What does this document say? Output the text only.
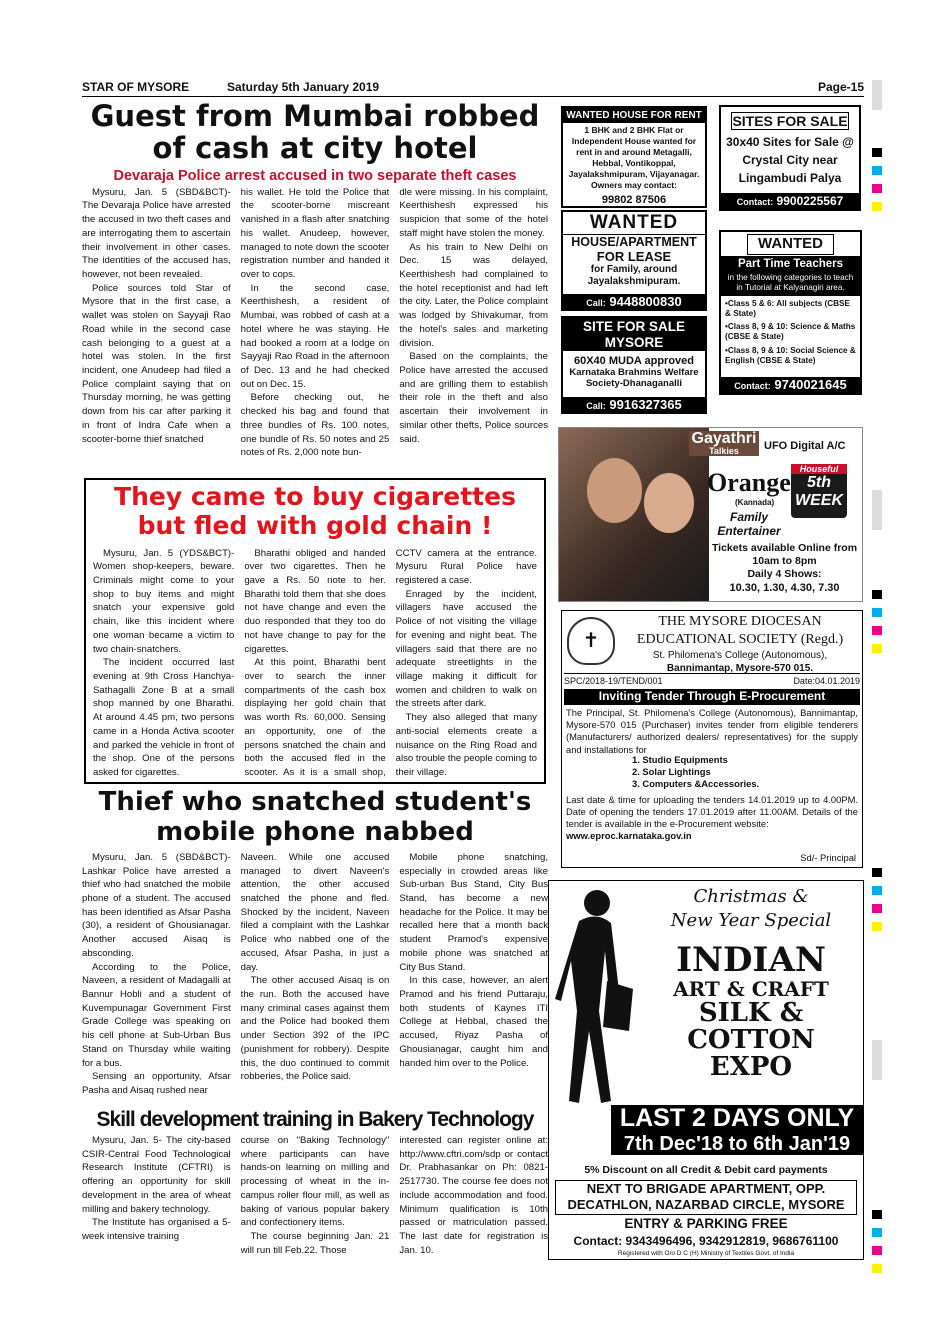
STAR OF MYSORE	Saturday 5th January 2019	Page-15
Guest from Mumbai robbed
of cash at city hotel
Devaraja Police arrest accused in two separate theft cases

Mysuru, Jan. 5 (SBD&BCT)- The Devaraja Police have arrested the accused in two theft cases and are interrogating them to ascertain their involvement in other cases. The identities of the accused has, however, not been revealed.

Police sources told Star of Mysore that in the first case, a wallet was stolen on Sayyaji Rao Road while in the second case cash belonging to a guest at a hotel was stolen. In the first incident, one Anudeep had filed a Police complaint saying that on Thursday morning, he was getting down from his car after parking it in front of Indra Cafe when a scooter-borne thief snatched

his wallet. He told the Police that the scooter-borne miscreant vanished in a flash after snatching his wallet. Anudeep, however, managed to note down the scooter registration number and handed it over to cops.

In the second case, Keerthishesh, a resident of Mumbai, was robbed of cash at a hotel where he was staying. He had booked a room at a lodge on Sayyaji Rao Road in the afternoon of Dec. 13 and he had checked out on Dec. 15.

Before checking out, he checked his bag and found that three bundles of Rs. 100 notes, one bundle of Rs. 50 notes and 25 notes of Rs. 2,000 note bun-

dle were missing. In his complaint, Keerthishesh expressed his suspicion that some of the hotel staff might have stolen the money.

As his train to New Delhi on Dec. 15 was delayed, Keerthishesh had complained to the hotel receptionist and had left the city. Later, the Police complaint was lodged by Shivakumar, from the hotel's sales and marketing division.

Based on the complaints, the Police have arrested the accused and are grilling them to establish their role in the theft and also ascertain their involvement in similar other thefts, Police sources said.

They came to buy cigarettes
but fled with gold chain !

Mysuru, Jan. 5 (YDS&BCT)- Women shop-keepers, beware. Criminals might come to your shop to buy items and might snatch your expensive gold chain, like this incident where one woman became a victim to two chain-snatchers.

The incident occurred last evening at 9th Cross Hanchya-Sathagalli Zone B at a small shop manned by one Bharathi. At around 4.45 pm, two persons came in a Honda Activa scooter and parked the vehicle in front of the shop. One of the persons asked for cigarettes.

Bharathi obliged and handed over two cigarettes. Then he gave a Rs. 50 note to her. Bharathi told them that she does not have change and even the duo responded that they too do not have change to pay for the cigarettes.

At this point, Bharathi bent over to search the inner compartments of the cash box displaying her gold chain that was worth Rs. 60,000. Sensing an opportunity, one of the persons snatched the chain and both the accused fled in the scooter. As it is a small shop,

CCTV camera at the entrance. Mysuru Rural Police have registered a case.

Enraged by the incident, villagers have accused the Police of not visiting the village for evening and night beat. The villagers said that there are no adequate streetlights in the village making it difficult for women and children to walk on the streets after dark.

They also alleged that many anti-social elements create a nuisance on the Ring Road and also trouble the people coming to their village.

Thief who snatched student's
mobile phone nabbed

Mysuru, Jan. 5 (SBD&BCT)- Lashkar Police have arrested a thief who had snatched the mobile phone of a student. The accused has been identified as Afsar Pasha (30), a resident of Ghousianagar. Another accused Aisaq is absconding.

According to the Police, Naveen, a resident of Madagalli at Bannur Hobli and a student of Kuvempunagar Government First Grade College was speaking on his cell phone at Sub-Urban Bus Stand on Thursday while waiting for a bus.

Sensing an opportunity, Afsar Pasha and Aisaq rushed near

Naveen. While one accused managed to divert Naveen's attention, the other accused snatched the phone and fled. Shocked by the incident, Naveen filed a complaint with the Lashkar Police who nabbed one of the accused, Afsar Pasha, in just a day.

The other accused Aisaq is on the run. Both the accused have many criminal cases against them and the Police had booked them under Section 392 of the IPC (punishment for robbery). Despite this, the duo continued to commit robberies, the Police said.

Mobile phone snatching, especially in crowded areas like Sub-urban Bus Stand, City Bus Stand, has become a new headache for the Police. It may be recalled here that a month back student Pramod's expensive mobile phone was snatched at City Bus Stand.

In this case, however, an alert Pramod and his friend Puttaraju, both students of Kaynes ITI College at Hebbal, chased the accused, Riyaz Pasha of Ghousianagar, caught him and handed him over to the Police.

Skill development training in Bakery Technology

Mysuru, Jan. 5- The city-based CSIR-Central Food Technological Research Institute (CFTRI) is offering an opportunity for skill development in the area of wheat milling and bakery technology.

The Institute has organised a 5-week intensive training

course on "Baking Technology" where participants can have hands-on learning on milling and processing of wheat in the in-campus roller flour mill, as well as baking of various popular bakery and confectionery items.

The course beginning Jan. 21 will run till Feb.22. Those

interested can register online at: http://www.cftri.com/sdp or contact Dr. Prabhasankar on Ph: 0821-2517730. The course fee does not include accommodation and food. Minimum qualification is 10th passed or matriculation passed. The last date for registration is Jan. 10.

WANTED HOUSE FOR RENT
1 BHK and 2 BHK Flat or Independent House wanted for rent in and around Metagalli, Hebbal, Vontikoppal, Jayalakshmipuram, Vijayanagar. Owners may contact:
99802 87506
SITES FOR SALE
30x40 Sites for Sale @ Crystal City near Lingambudi Palya
Contact: 9900225567
WANTED
HOUSE/APARTMENT
FOR LEASE
for Family, around Jayalakshmipuram.
Call: 9448800830
WANTED
Part Time Teachers
in the following categories to teach in Tutorial at Kalyanagiri area.
•Class 5 & 6: All subjects (CBSE & State)
•Class 8, 9 & 10: Science & Maths (CBSE & State)
•Class 8, 9 & 10: Social Science & English (CBSE & State)
Contact: 9740021645
SITE FOR SALE
MYSORE
60X40 MUDA approved
Karnataka Brahmins Welfare Society-Dhanaganalli
Call: 9916327365
Gayathri
Talkies	UFO Digital A/C
Orange
(Kannada)
Houseful
5th WEEK
Family Entertainer
Tickets available Online from 10am to 8pm
Daily 4 Shows:
10.30, 1.30, 4.30, 7.30
✝
THE MYSORE DIOCESAN
EDUCATIONAL SOCIETY (Regd.)
St. Philomena's College (Autonomous),
Bannimantap, Mysore-570 015.
SPC/2018-19/TEND/001	Date:04.01.2019
Inviting Tender Through E-Procurement
The Principal, St. Philomena's College (Autonomous), Bannimantap, Mysore-570 015 (Purchaser) invites tender from eligible tenderers (Manufacturers/ authorized dealers/ representatives) for the supply and installations for
1. Studio Equipments
2. Solar Lightings
3. Computers &Accessories.
Last date & time for uploading the tenders 14.01.2019 up to 4.00PM. Date of opening the tenders 17.01.2019 after 11.00AM. Details of the tender is available in the e-Procurement website:
www.eproc.karnataka.gov.in
Sd/- Principal
Christmas &
New Year Special
INDIAN
ART & CRAFT
SILK &
COTTON
EXPO
LAST 2 DAYS ONLY
7th Dec'18 to 6th Jan'19
5% Discount on all Credit & Debit card payments
NEXT TO BRIGADE APARTMENT, OPP. DECATHLON, NAZARBAD CIRCLE, MYSORE
ENTRY & PARKING FREE
Contact: 9343496496, 9342912819, 9686761100
Registered with O/o D C (H) Ministry of Textiles Govt. of India
